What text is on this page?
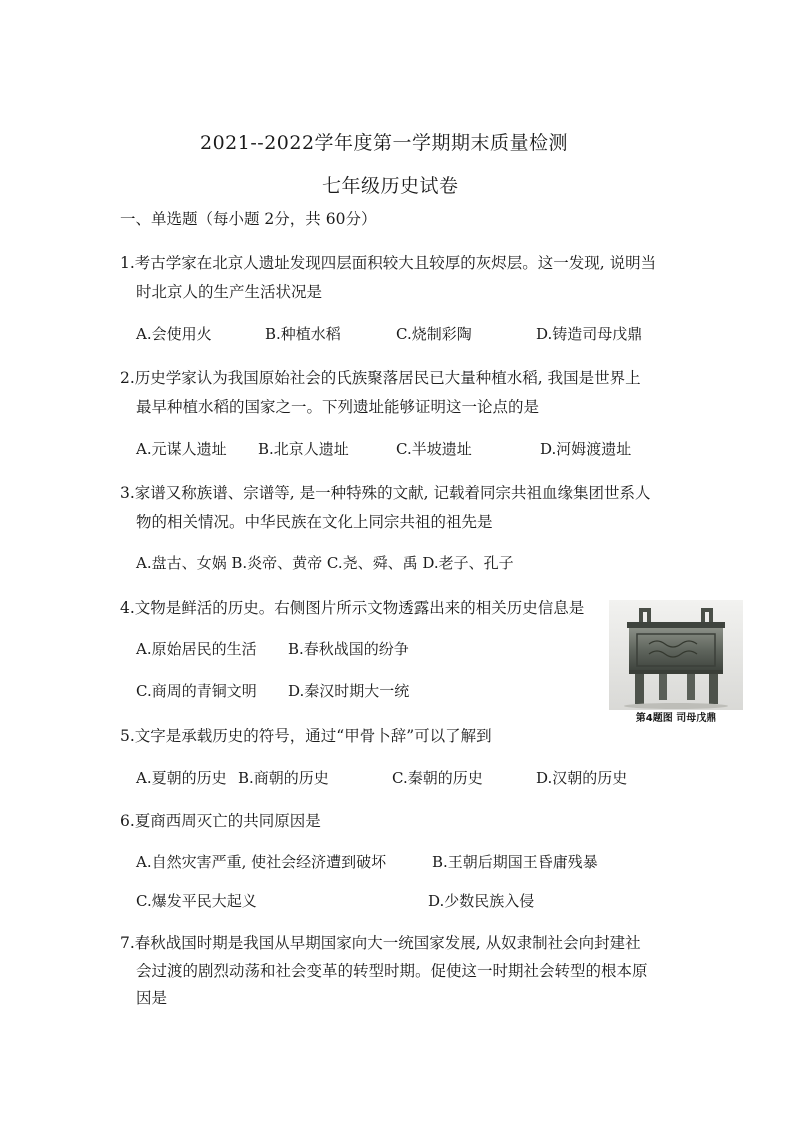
2021--2022学年度第一学期期末质量检测
七年级历史试卷
一、单选题（每小题 2分，共 60分）
1.考古学家在北京人遗址发现四层面积较大且较厚的灰烬层。这一发现, 说明当
时北京人的生产生活状况是
A.会使用火	B.种植水稻	C.烧制彩陶	D.铸造司母戊鼎
2.历史学家认为我国原始社会的氏族聚落居民已大量种植水稻, 我国是世界上
最早种植水稻的国家之一。下列遗址能够证明这一论点的是
A.元谋人遗址 B.北京人遗址	C.半坡遗址	D.河姆渡遗址
3.家谱又称族谱、宗谱等, 是一种特殊的文献, 记载着同宗共祖血缘集团世系人
物的相关情况。中华民族在文化上同宗共祖的祖先是
A.盘古、女娲 B.炎帝、黄帝 C.尧、舜、禹 D.老子、孔子
4.文物是鲜活的历史。右侧图片所示文物透露出来的相关历史信息是
A.原始居民的生活 B.春秋战国的纷争
C.商周的青铜文明 D.秦汉时期大一统
第4题图 司母戊鼎
5.文字是承载历史的符号，通过“甲骨卜辞”可以了解到
A.夏朝的历史 B.商朝的历史	C.秦朝的历史	D.汉朝的历史
6.夏商西周灭亡的共同原因是
A.自然灾害严重, 使社会经济遭到破坏	B.王朝后期国王昏庸残暴
C.爆发平民大起义	D.少数民族入侵
7.春秋战国时期是我国从早期国家向大一统国家发展, 从奴隶制社会向封建社
会过渡的剧烈动荡和社会变革的转型时期。促使这一时期社会转型的根本原
因是
